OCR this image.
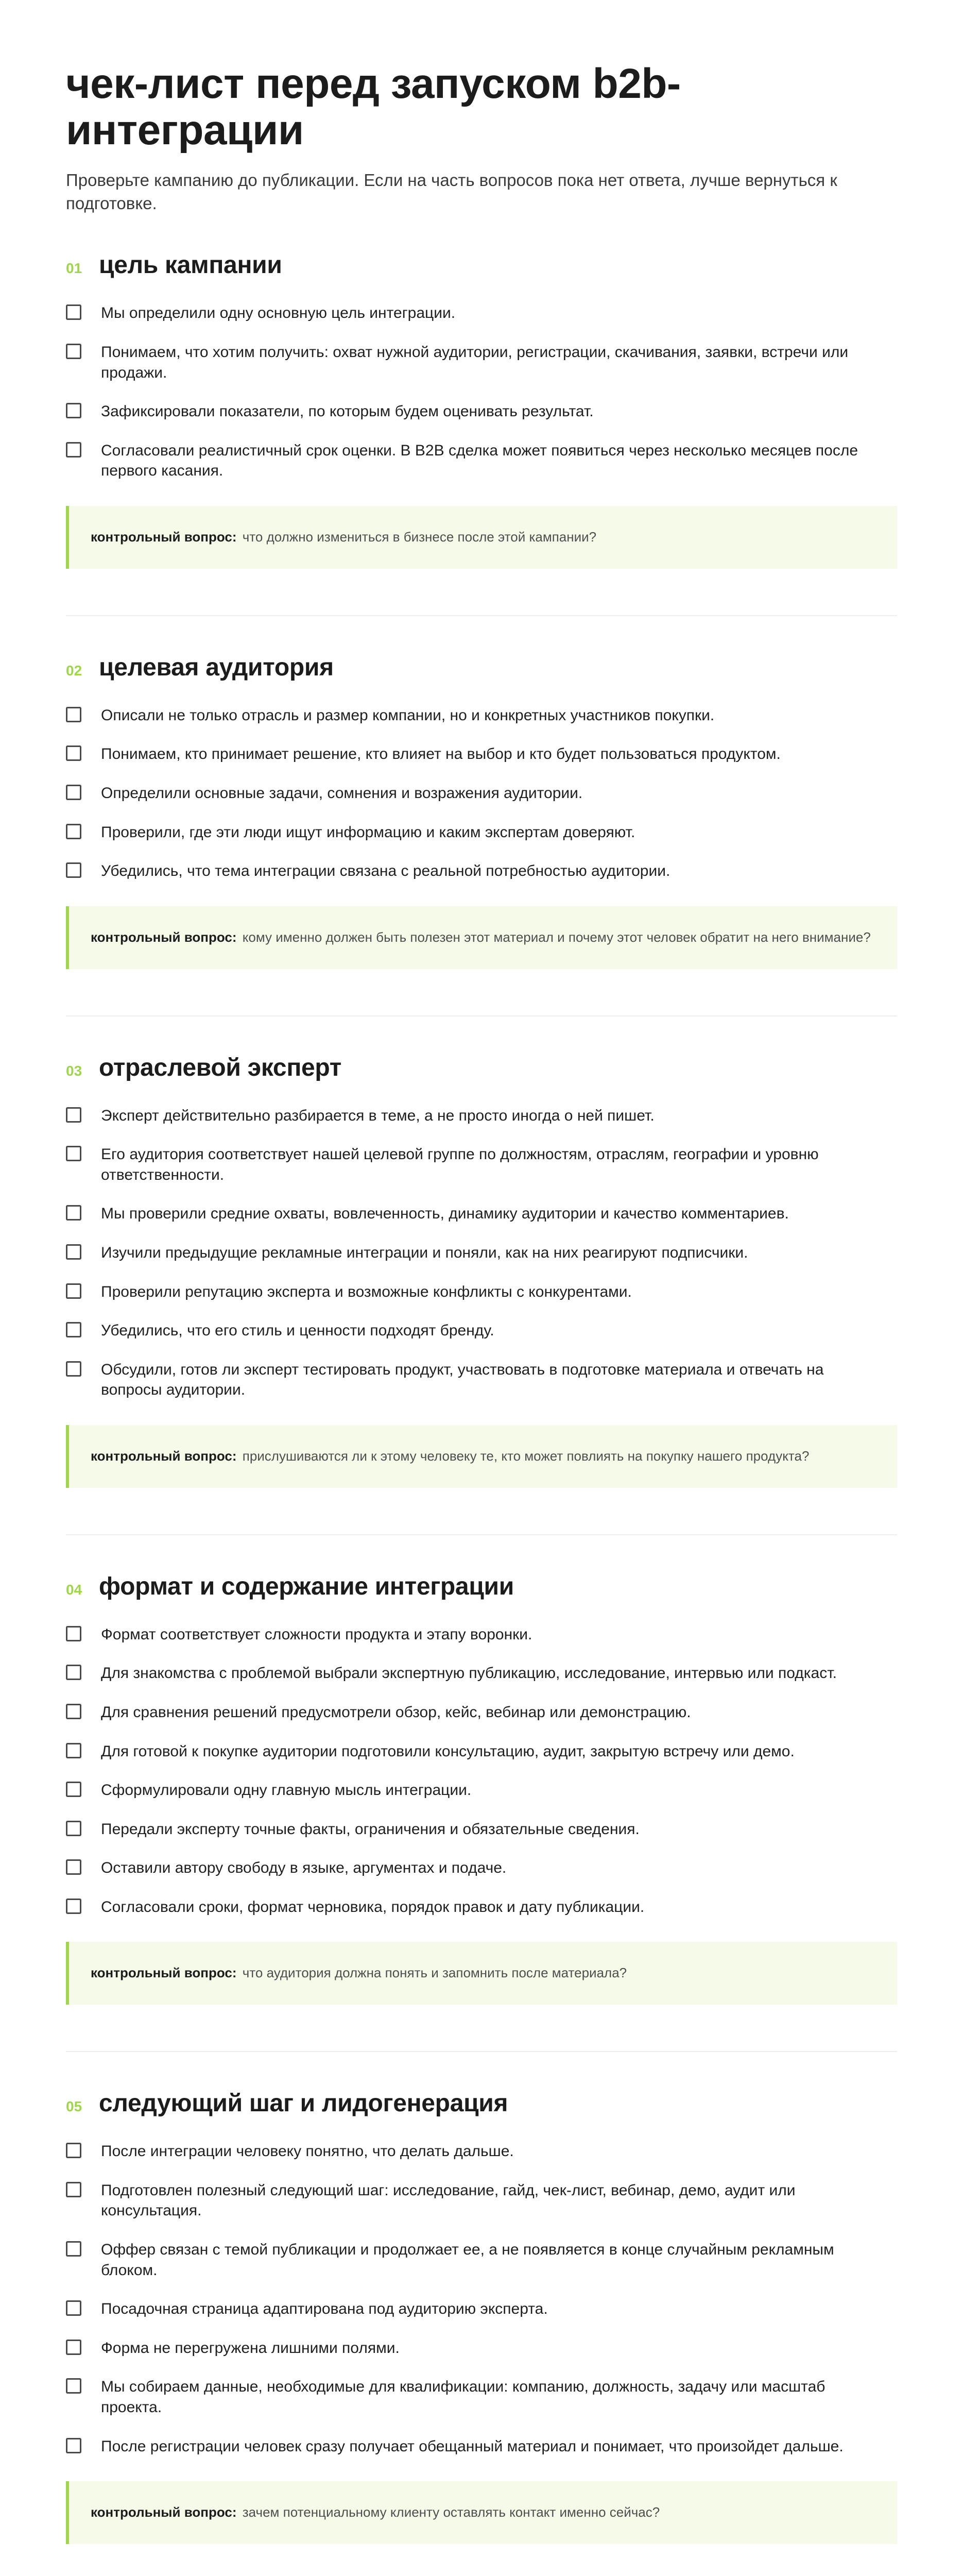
чек-лист перед запуском b2b-интеграции

Проверьте кампанию до публикации. Если на часть вопросов пока нет ответа, лучше вернуться к подготовке.

01 цель кампании
Мы определили одну основную цель интеграции.
Понимаем, что хотим получить: охват нужной аудитории, регистрации, скачивания, заявки, встречи или продажи.
Зафиксировали показатели, по которым будем оценивать результат.
Согласовали реалистичный срок оценки. В B2B сделка может появиться через несколько месяцев после первого касания.
контрольный вопрос: что должно измениться в бизнесе после этой кампании?
02 целевая аудитория
Описали не только отрасль и размер компании, но и конкретных участников покупки.
Понимаем, кто принимает решение, кто влияет на выбор и кто будет пользоваться продуктом.
Определили основные задачи, сомнения и возражения аудитории.
Проверили, где эти люди ищут информацию и каким экспертам доверяют.
Убедились, что тема интеграции связана с реальной потребностью аудитории.
контрольный вопрос: кому именно должен быть полезен этот материал и почему этот человек обратит на него внимание?
03 отраслевой эксперт
Эксперт действительно разбирается в теме, а не просто иногда о ней пишет.
Его аудитория соответствует нашей целевой группе по должностям, отраслям, географии и уровню ответственности.
Мы проверили средние охваты, вовлеченность, динамику аудитории и качество комментариев.
Изучили предыдущие рекламные интеграции и поняли, как на них реагируют подписчики.
Проверили репутацию эксперта и возможные конфликты с конкурентами.
Убедились, что его стиль и ценности подходят бренду.
Обсудили, готов ли эксперт тестировать продукт, участвовать в подготовке материала и отвечать на вопросы аудитории.
контрольный вопрос: прислушиваются ли к этому человеку те, кто может повлиять на покупку нашего продукта?
04 формат и содержание интеграции
Формат соответствует сложности продукта и этапу воронки.
Для знакомства с проблемой выбрали экспертную публикацию, исследование, интервью или подкаст.
Для сравнения решений предусмотрели обзор, кейс, вебинар или демонстрацию.
Для готовой к покупке аудитории подготовили консультацию, аудит, закрытую встречу или демо.
Сформулировали одну главную мысль интеграции.
Передали эксперту точные факты, ограничения и обязательные сведения.
Оставили автору свободу в языке, аргументах и подаче.
Согласовали сроки, формат черновика, порядок правок и дату публикации.
контрольный вопрос: что аудитория должна понять и запомнить после материала?
05 следующий шаг и лидогенерация
После интеграции человеку понятно, что делать дальше.
Подготовлен полезный следующий шаг: исследование, гайд, чек-лист, вебинар, демо, аудит или консультация.
Оффер связан с темой публикации и продолжает ее, а не появляется в конце случайным рекламным блоком.
Посадочная страница адаптирована под аудиторию эксперта.
Форма не перегружена лишними полями.
Мы собираем данные, необходимые для квалификации: компанию, должность, задачу или масштаб проекта.
После регистрации человек сразу получает обещанный материал и понимает, что произойдет дальше.
контрольный вопрос: зачем потенциальному клиенту оставлять контакт именно сейчас?
